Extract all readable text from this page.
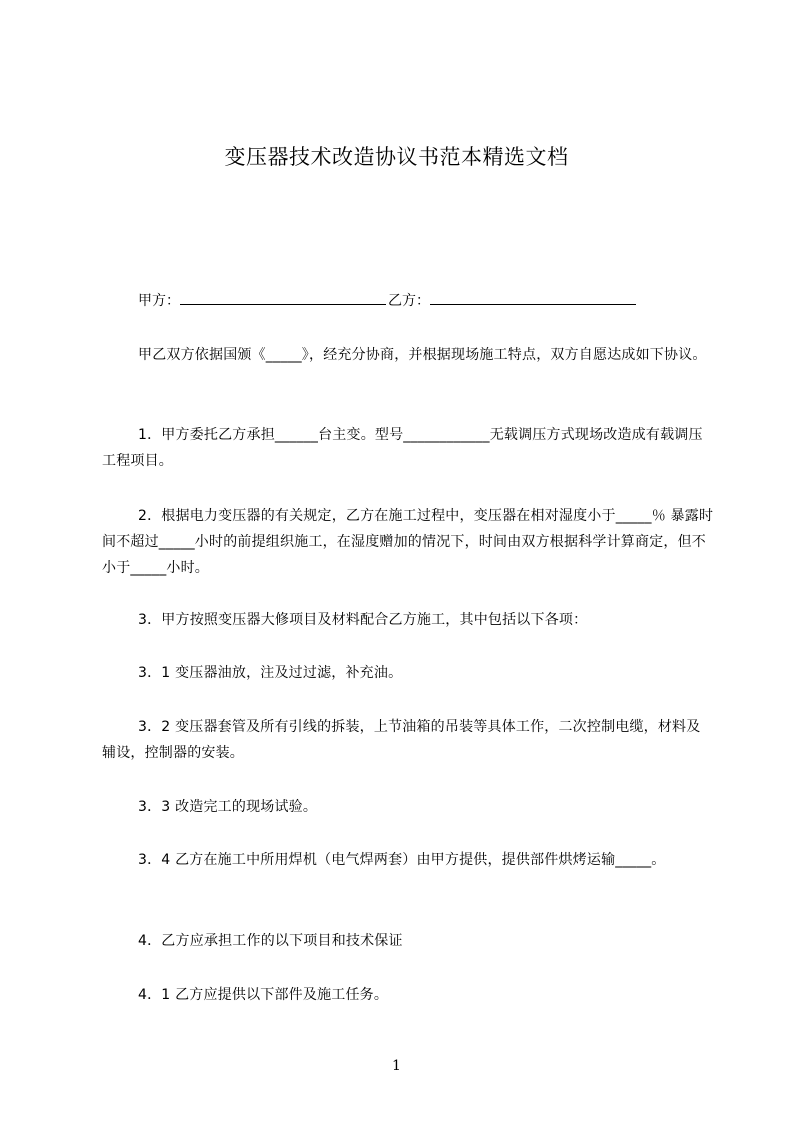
变压器技术改造协议书范本精选文档
甲方：	乙方：
甲乙双方依据国颁《_____》，经充分协商，并根据现场施工特点，双方自愿达成如下协议。
1．甲方委托乙方承担______台主变。型号____________无载调压方式现场改造成有载调压工程项目。
2．根据电力变压器的有关规定，乙方在施工过程中，变压器在相对湿度小于_____％ 暴露时间不超过_____小时的前提组织施工，在湿度赠加的情况下，时间由双方根据科学计算商定，但不小于_____小时。
3．甲方按照变压器大修项目及材料配合乙方施工，其中包括以下各项：
3．1 变压器油放，注及过过滤，补充油。
3．2 变压器套管及所有引线的拆装，上节油箱的吊装等具体工作，二次控制电缆，材料及辅设，控制器的安装。
3．3 改造完工的现场试验。
3．4 乙方在施工中所用焊机（电气焊两套）由甲方提供，提供部件烘烤运输_____。
4．乙方应承担工作的以下项目和技术保证
4．1 乙方应提供以下部件及施工任务。
1
